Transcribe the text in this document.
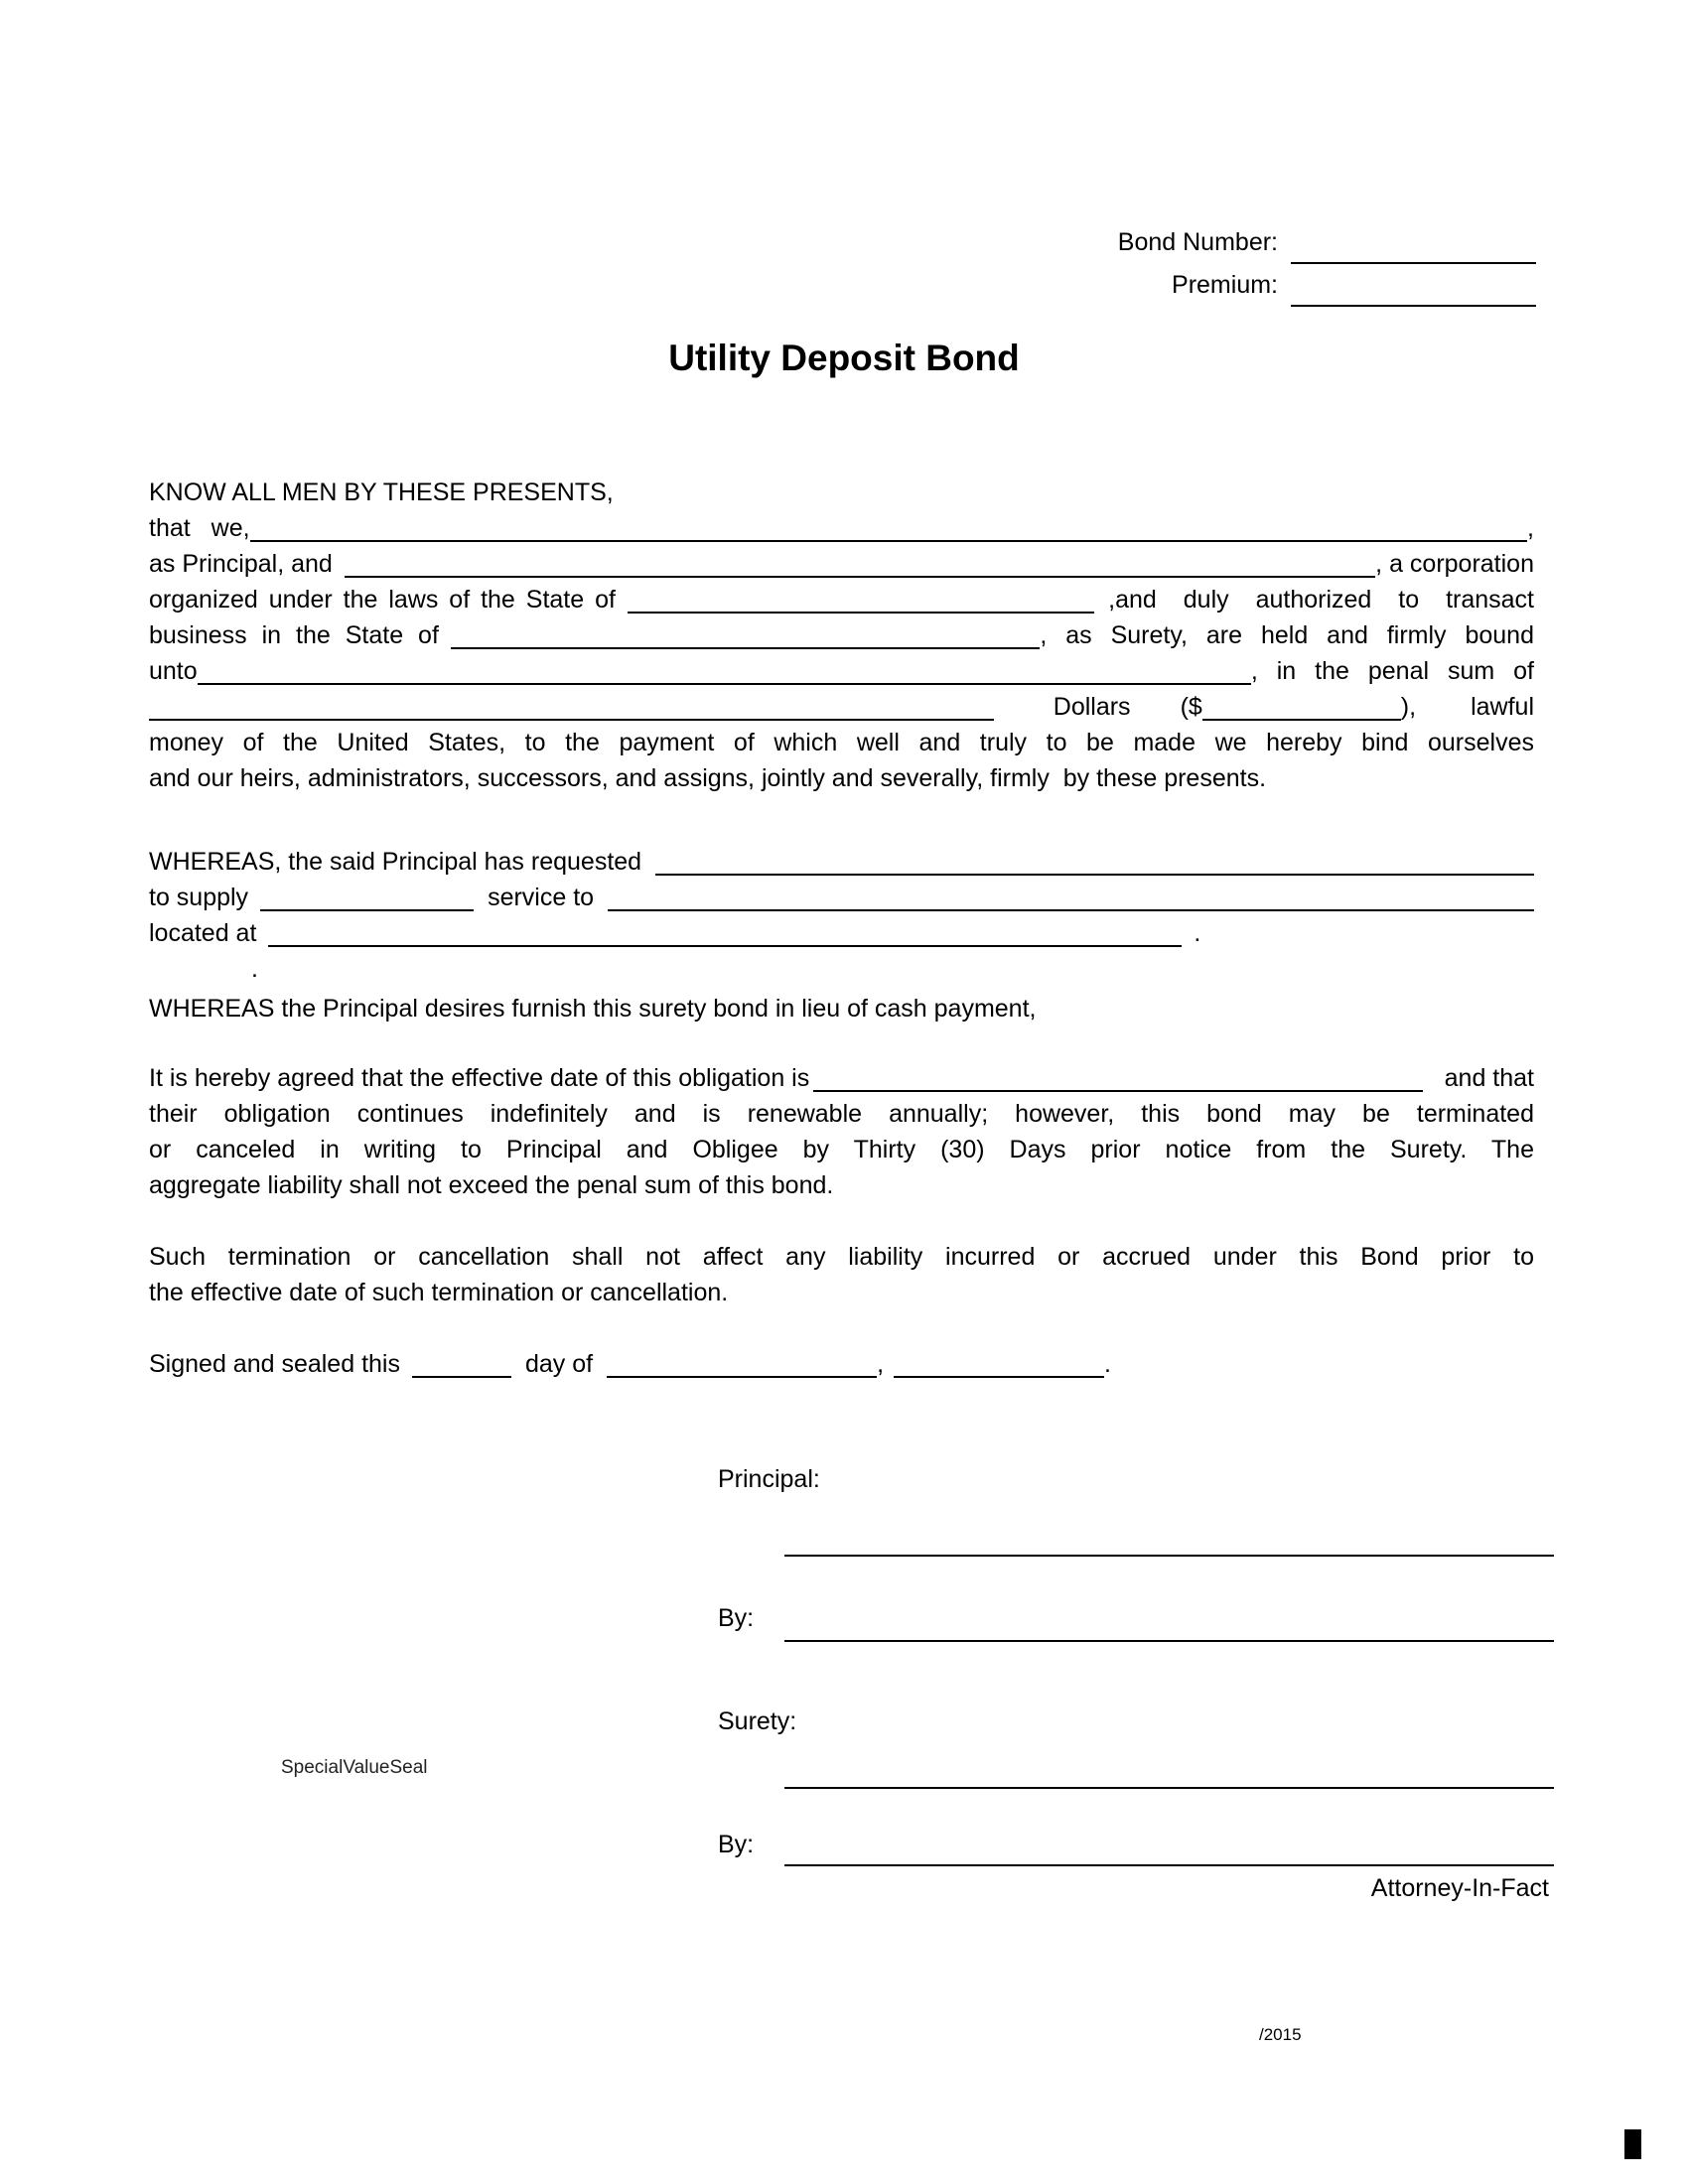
Bond Number:
Premium:
Utility Deposit Bond
KNOW ALL MEN BY THESE PRESENTS,
that we,	,
as Principal, and	, a corporation
organized under the laws of the State of	,and duly authorized to transact
business in the State of	, as Surety, are held and firmly bound
unto	, in the penal sum of
Dollars ($	), lawful
money of the United States, to the payment of which well and truly to be made we hereby bind ourselves
and our heirs, administrators, successors, and assigns, jointly and severally, firmly  by these presents.
WHEREAS, the said Principal has requested
to supply	service to
located at	.
.
WHEREAS the Principal desires furnish this surety bond in lieu of cash payment,
It is hereby agreed that the effective date of this obligation is	and that
their obligation continues indefinitely and is renewable annually; however, this bond may be terminated
or canceled in writing to Principal and Obligee by Thirty (30) Days prior notice from the Surety. The
aggregate liability shall not exceed the penal sum of this bond.
Such termination or cancellation shall not affect any liability incurred or accrued under this Bond prior to
the effective date of such termination or cancellation.
Signed and sealed this	day of	,	.
Principal:
By:
Surety:
SpecialValueSeal
By:
Attorney-In-Fact
/2015
